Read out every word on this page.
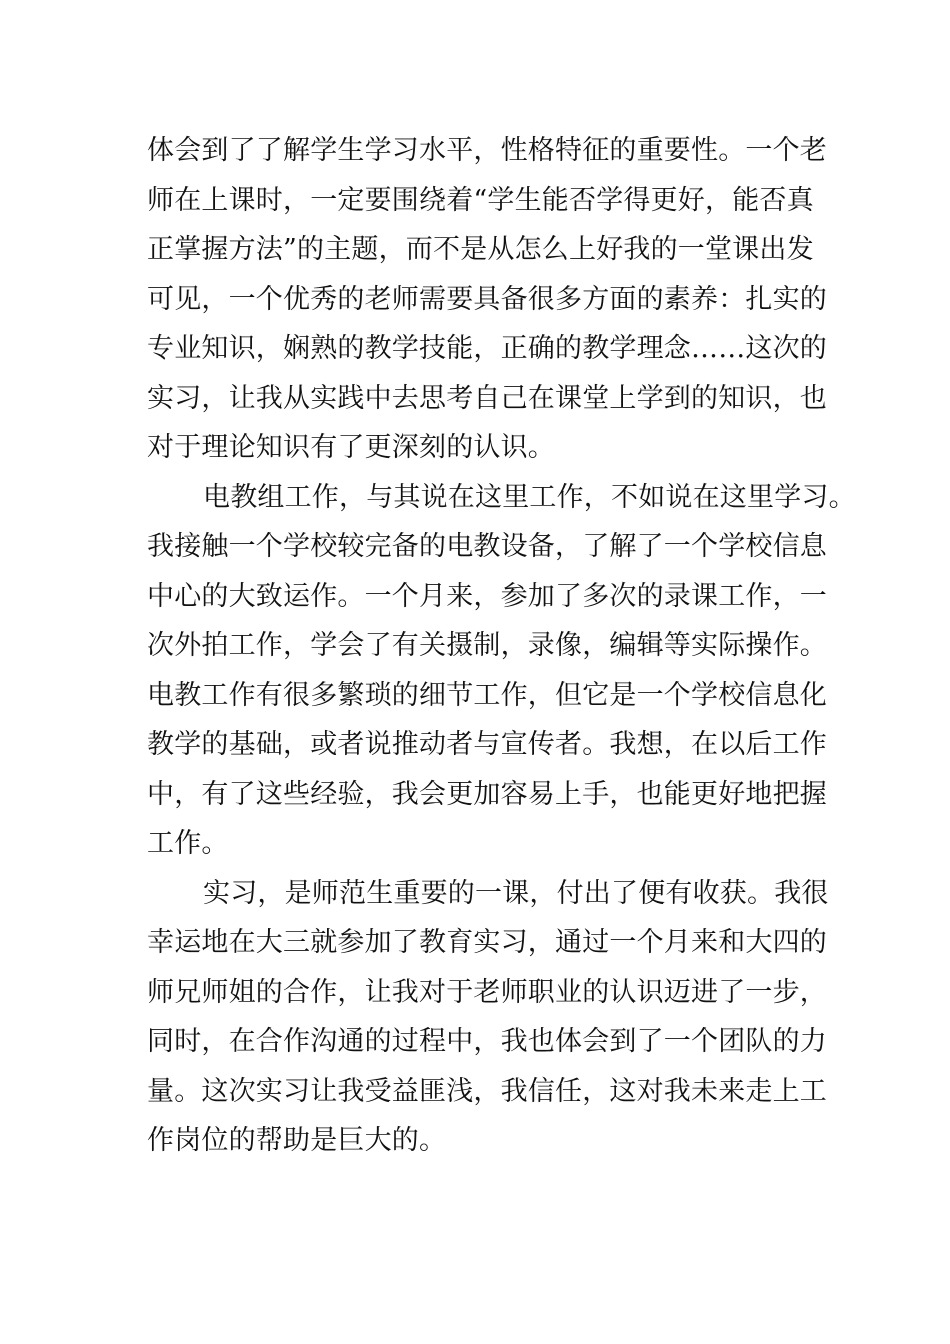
体会到了了解学生学习水平，性格特征的重要性。一个老
师在上课时，一定要围绕着“学生能否学得更好，能否真
正掌握方法”的主题，而不是从怎么上好我的一堂课出发
可见，一个优秀的老师需要具备很多方面的素养：扎实的
专业知识，娴熟的教学技能，正确的教学理念……这次的
实习，让我从实践中去思考自己在课堂上学到的知识，也
对于理论知识有了更深刻的认识。
电教组工作，与其说在这里工作，不如说在这里学习。
我接触一个学校较完备的电教设备，了解了一个学校信息
中心的大致运作。一个月来，参加了多次的录课工作，一
次外拍工作，学会了有关摄制，录像，编辑等实际操作。
电教工作有很多繁琐的细节工作，但它是一个学校信息化
教学的基础，或者说推动者与宣传者。我想，在以后工作
中，有了这些经验，我会更加容易上手，也能更好地把握
工作。
实习，是师范生重要的一课，付出了便有收获。我很
幸运地在大三就参加了教育实习，通过一个月来和大四的
师兄师姐的合作，让我对于老师职业的认识迈进了一步，
同时，在合作沟通的过程中，我也体会到了一个团队的力
量。这次实习让我受益匪浅，我信任，这对我未来走上工
作岗位的帮助是巨大的。
